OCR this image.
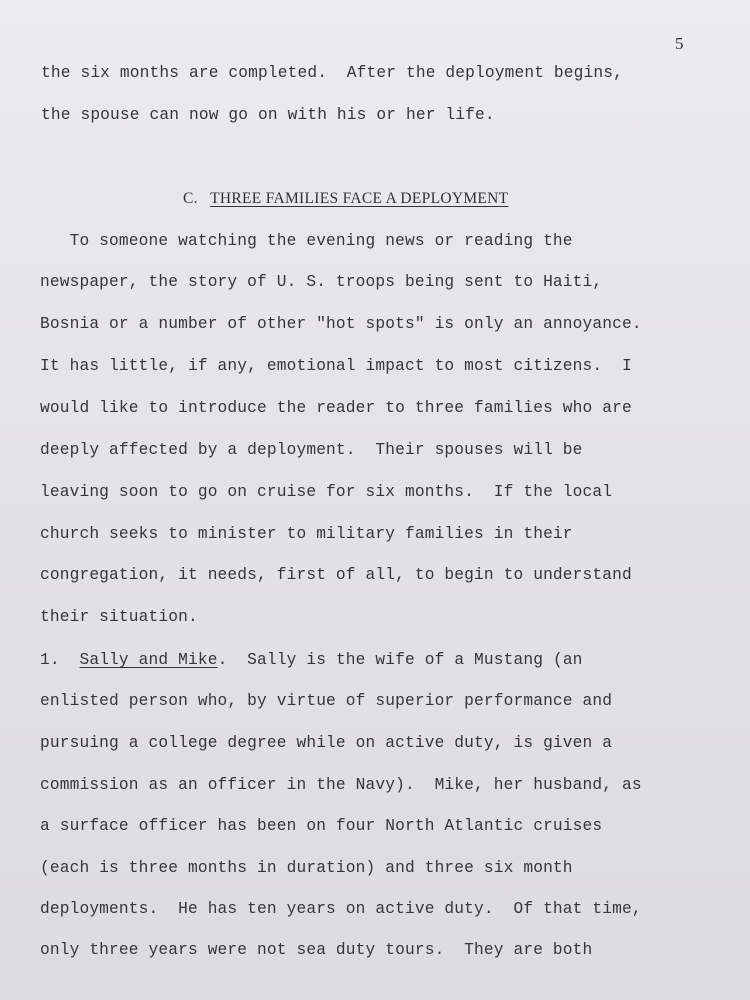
5
the six months are completed.  After the deployment begins,
the spouse can now go on with his or her life.
C. THREE FAMILIES FACE A DEPLOYMENT
To someone watching the evening news or reading the
newspaper, the story of U. S. troops being sent to Haiti,
Bosnia or a number of other "hot spots" is only an annoyance.
It has little, if any, emotional impact to most citizens.  I
would like to introduce the reader to three families who are
deeply affected by a deployment.  Their spouses will be
leaving soon to go on cruise for six months.  If the local
church seeks to minister to military families in their
congregation, it needs, first of all, to begin to understand
their situation.
1.  Sally and Mike.  Sally is the wife of a Mustang (an
enlisted person who, by virtue of superior performance and
pursuing a college degree while on active duty, is given a
commission as an officer in the Navy).  Mike, her husband, as
a surface officer has been on four North Atlantic cruises
(each is three months in duration) and three six month
deployments.  He has ten years on active duty.  Of that time,
only three years were not sea duty tours.  They are both
